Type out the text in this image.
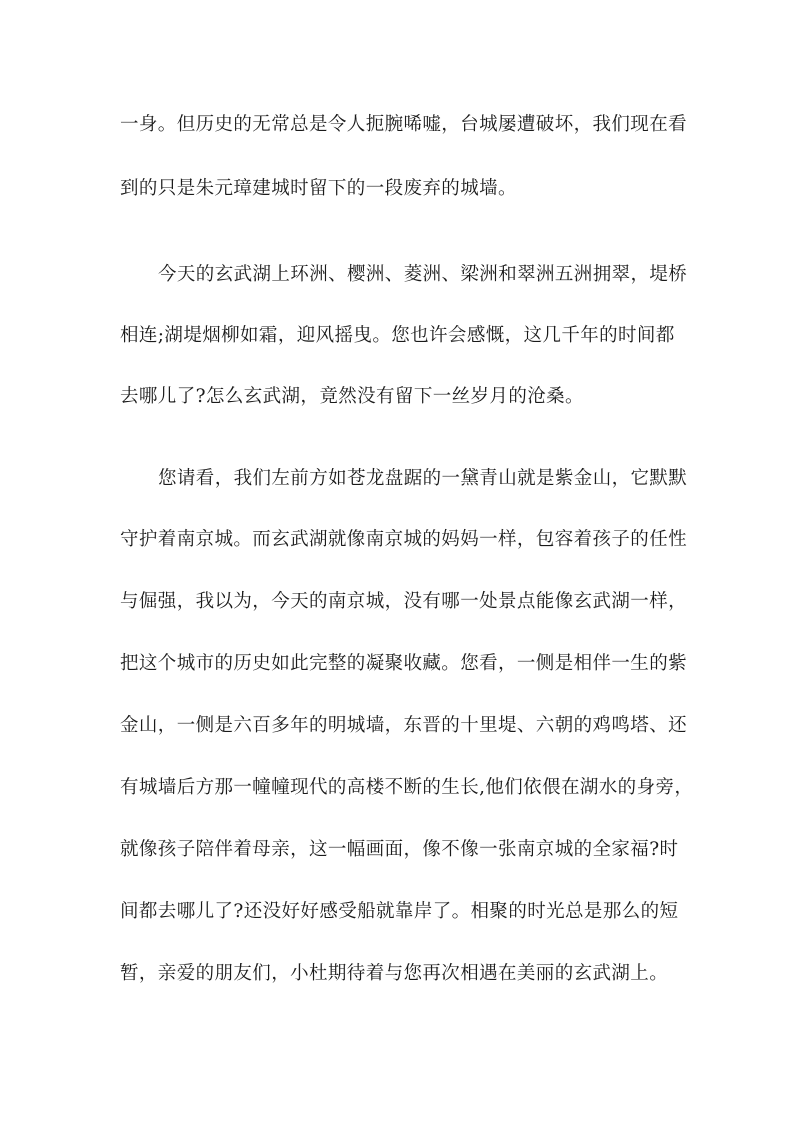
一身。但历史的无常总是令人扼腕唏嘘，台城屡遭破坏，我们现在看
到的只是朱元璋建城时留下的一段废弃的城墙。
今天的玄武湖上环洲、樱洲、菱洲、梁洲和翠洲五洲拥翠，堤桥
相连;湖堤烟柳如霜，迎风摇曳。您也许会感慨，这几千年的时间都
去哪儿了?怎么玄武湖，竟然没有留下一丝岁月的沧桑。
您请看，我们左前方如苍龙盘踞的一黛青山就是紫金山，它默默
守护着南京城。而玄武湖就像南京城的妈妈一样，包容着孩子的任性
与倔强，我以为，今天的南京城，没有哪一处景点能像玄武湖一样，
把这个城市的历史如此完整的凝聚收藏。您看，一侧是相伴一生的紫
金山，一侧是六百多年的明城墙，东晋的十里堤、六朝的鸡鸣塔、还
有城墙后方那一幢幢现代的高楼不断的生长,他们依偎在湖水的身旁，
就像孩子陪伴着母亲，这一幅画面，像不像一张南京城的全家福?时
间都去哪儿了?还没好好感受船就靠岸了。相聚的时光总是那么的短
暂，亲爱的朋友们，小杜期待着与您再次相遇在美丽的玄武湖上。
